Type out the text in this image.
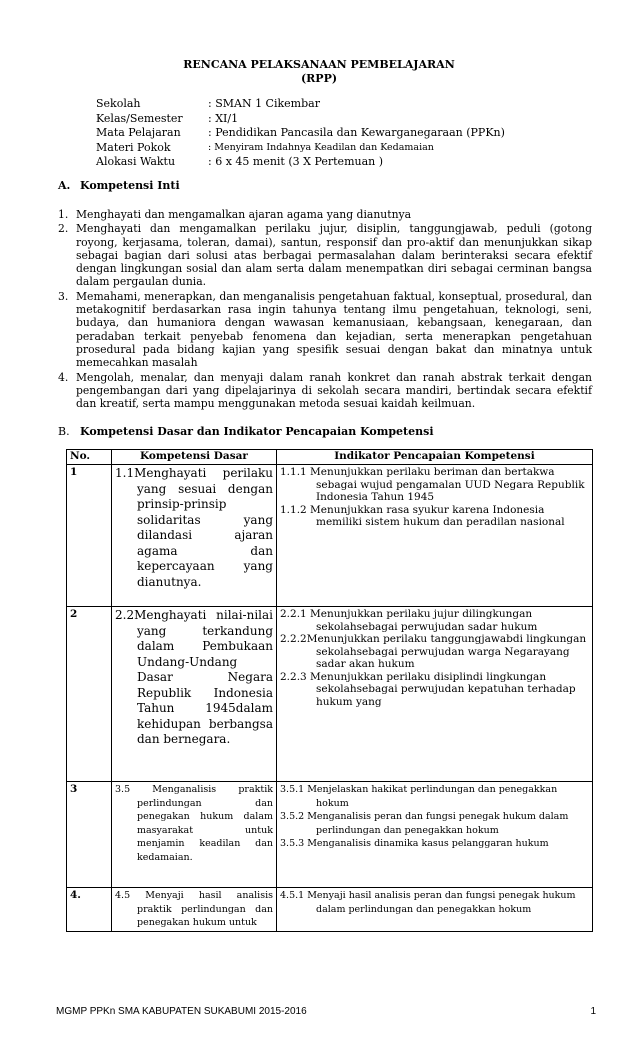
RENCANA PELAKSANAAN PEMBELAJARAN
(RPP)
Sekolah	: SMAN 1 Cikembar
Kelas/Semester	: XI/1
Mata Pelajaran	: Pendidikan Pancasila dan Kewarganegaraan (PPKn)
Materi Pokok	: Menyiram Indahnya Keadilan dan Kedamaian
Alokasi Waktu	: 6 x 45 menit (3 X Pertemuan )
A. Kompetensi Inti
1. Menghayati dan mengamalkan ajaran agama yang dianutnya
2. Menghayati dan mengamalkan perilaku jujur, disiplin, tanggungjawab, peduli (gotong royong, kerjasama, toleran, damai), santun, responsif dan pro-aktif dan menunjukkan sikap sebagai bagian dari solusi atas berbagai permasalahan dalam berinteraksi secara efektif dengan lingkungan sosial dan alam serta dalam menempatkan diri sebagai cerminan bangsa dalam pergaulan dunia.
3. Memahami, menerapkan, dan menganalisis pengetahuan faktual, konseptual, prosedural, dan metakognitif berdasarkan rasa ingin tahunya tentang ilmu pengetahuan, teknologi, seni, budaya, dan humaniora dengan wawasan kemanusiaan, kebangsaan, kenegaraan, dan peradaban terkait penyebab fenomena dan kejadian, serta menerapkan pengetahuan prosedural pada bidang kajian yang spesifik sesuai dengan bakat dan minatnya untuk memecahkan masalah
4. Mengolah, menalar, dan menyaji dalam ranah konkret dan ranah abstrak terkait dengan pengembangan dari yang dipelajarinya di sekolah secara mandiri, bertindak secara efektif dan kreatif, serta mampu menggunakan metoda sesuai kaidah keilmuan.
B. Kompetensi Dasar dan Indikator Pencapaian Kompetensi
No.	Kompetensi Dasar	Indikator Pencapaian Kompetensi
1	1.1Menghayati perilaku yang sesuai dengan prinsip-prinsip solidaritas yang dilandasi ajaran agama dan kepercayaan yang dianutnya.	1.1.1 Menunjukkan perilaku beriman dan bertakwa sebagai wujud pengamalan UUD Negara Republik Indonesia Tahun 1945
1.1.2 Menunjukkan rasa syukur karena Indonesia memiliki sistem hukum dan peradilan nasional

2	2.2Menghayati nilai-nilai yang terkandung dalam Pembukaan Undang-Undang Dasar Negara Republik Indonesia Tahun 1945dalam kehidupan berbangsa dan bernegara.	2.2.1 Menunjukkan perilaku jujur dilingkungan sekolahsebagai perwujudan sadar hukum
2.2.2Menunjukkan perilaku tanggungjawabdi lingkungan sekolahsebagai perwujudan warga Negarayang sadar akan hukum
2.2.3 Menunjukkan perilaku disiplindi lingkungan sekolahsebagai perwujudan kepatuhan terhadap hukum yang

3	3.5 Menganalisis praktik perlindungan dan penegakan hukum dalam masyarakat untuk menjamin keadilan dan kedamaian.	3.5.1 Menjelaskan hakikat perlindungan dan penegakkan hokum
3.5.2 Menganalisis peran dan fungsi penegak hukum dalam perlindungan dan penegakkan hokum
3.5.3 Menganalisis dinamika kasus pelanggaran hukum

4.	4.5 Menyaji hasil analisis praktik perlindungan dan penegakan hukum untuk	4.5.1 Menyaji hasil analisis peran dan fungsi penegak hukum dalam perlindungan dan penegakkan hokum
MGMP PPKn SMA KABUPATEN SUKABUMI 2015-2016	1
